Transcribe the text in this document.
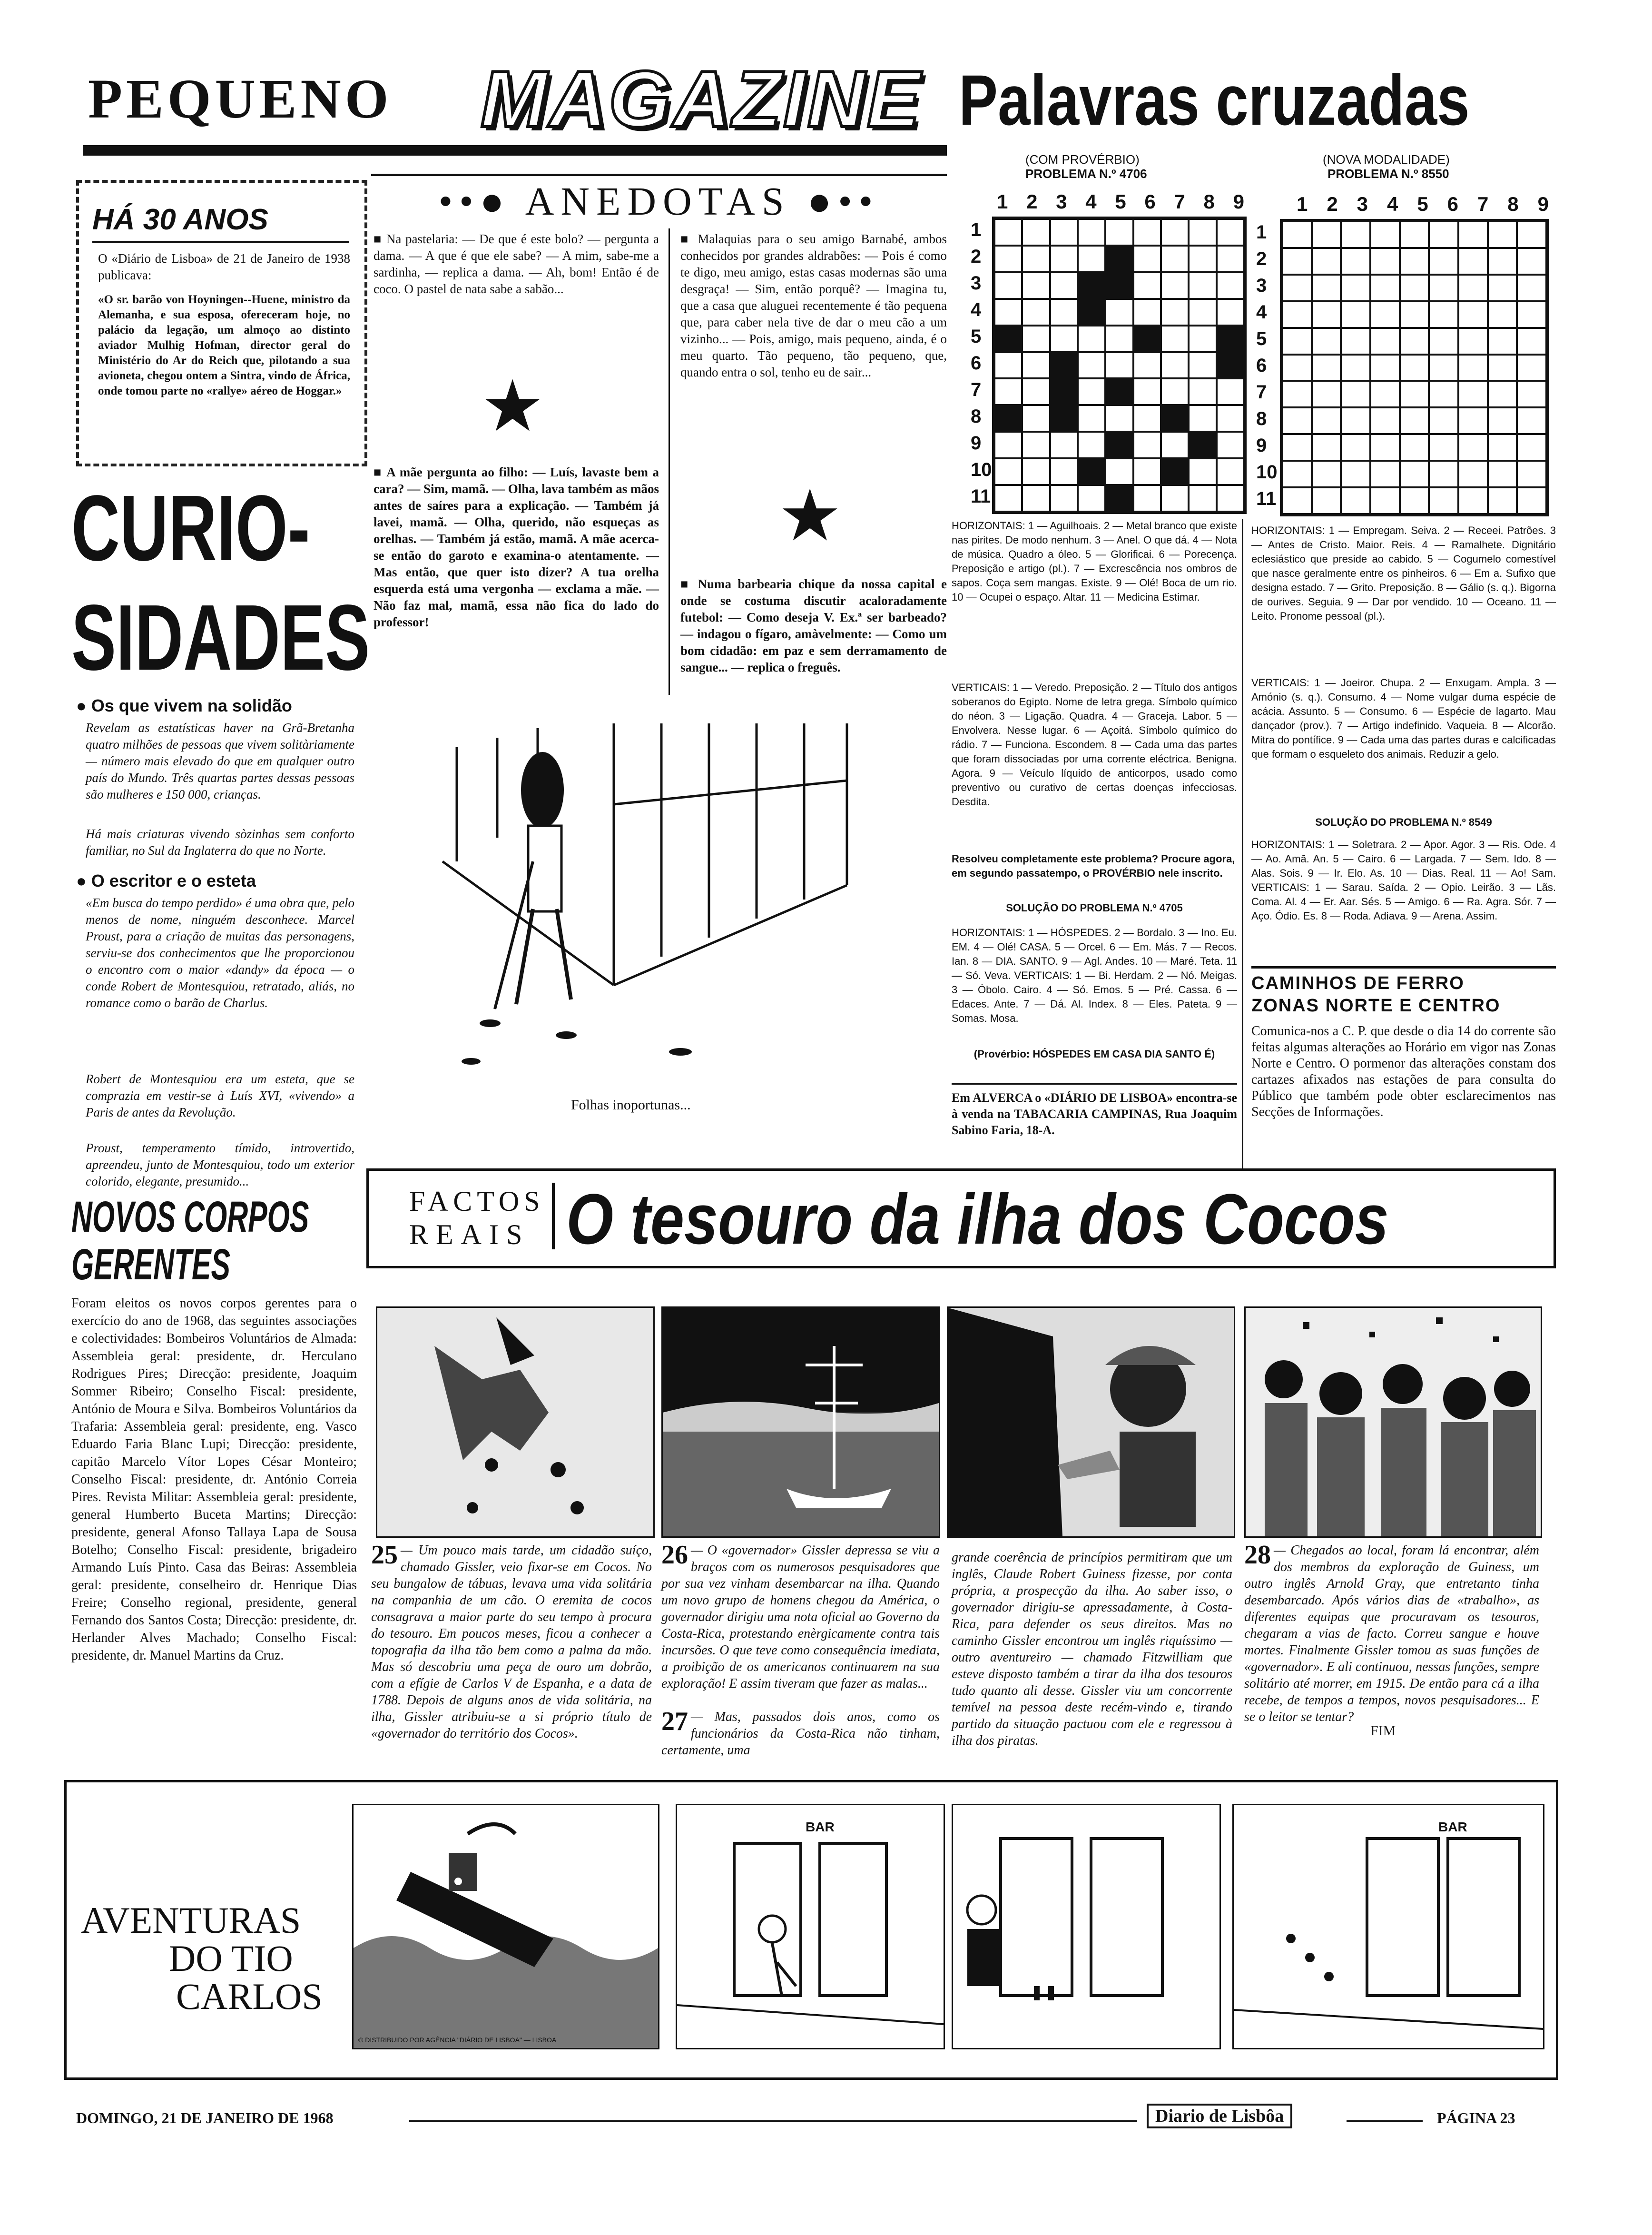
PEQUENO MAGAZINE Palavras cruzadas
HÁ 30 ANOS

O «Diário de Lisboa» de 21 de Janeiro de 1938 publicava:

«O sr. barão von Hoyningen--Huene, ministro da Alemanha, e sua esposa, ofereceram hoje, no palácio da legação, um almoço ao distinto aviador Mulhig Hofman, director geral do Ministério do Ar do Reich que, pilotando a sua avioneta, chegou ontem a Sintra, vindo de África, onde tomou parte no «rallye» aéreo de Hoggar.»

CURIO-
SIDADES
● Os que vivem na solidão

Revelam as estatísticas haver na Grã-Bretanha quatro milhões de pessoas que vivem solitàriamente — número mais elevado do que em qualquer outro país do Mundo. Três quartas partes dessas pessoas são mulheres e 150 000, crianças.

Há mais criaturas vivendo sòzinhas sem conforto familiar, no Sul da Inglaterra do que no Norte.

● O escritor e o esteta

«Em busca do tempo perdido» é uma obra que, pelo menos de nome, ninguém desconhece. Marcel Proust, para a criação de muitas das personagens, serviu-se dos conhecimentos que lhe proporcionou o encontro com o maior «dandy» da época — o conde Robert de Montesquiou, retratado, aliás, no romance como o barão de Charlus.

Robert de Montesquiou era um esteta, que se comprazia em vestir-se à Luís XVI, «vivendo» a Paris de antes da Revolução.

Proust, temperamento tímido, introvertido, apreendeu, junto de Montesquiou, todo um exterior colorido, elegante, presumido...

••● ANEDOTAS ●••

■ Na pastelaria: — De que é este bolo? — pergunta a dama. — A que é que ele sabe? — A mim, sabe-me a sardinha, — replica a dama. — Ah, bom! Então é de coco. O pastel de nata sabe a sabão...

★

■ A mãe pergunta ao filho: — Luís, lavaste bem a cara? — Sim, mamã. — Olha, lava também as mãos antes de saíres para a explicação. — Também já lavei, mamã. — Olha, querido, não esqueças as orelhas. — Também já estão, mamã. A mãe acerca-se então do garoto e examina-o atentamente. — Mas então, que quer isto dizer? A tua orelha esquerda está uma vergonha — exclama a mãe. — Não faz mal, mamã, essa não fica do lado do professor!

■ Malaquias para o seu amigo Barnabé, ambos conhecidos por grandes aldrabões: — Pois é como te digo, meu amigo, estas casas modernas são uma desgraça! — Sim, então porquê? — Imagina tu, que a casa que aluguei recentemente é tão pequena que, para caber nela tive de dar o meu cão a um vizinho... — Pois, amigo, mais pequeno, ainda, é o meu quarto. Tão pequeno, tão pequeno, que, quando entra o sol, tenho eu de sair...

★

■ Numa barbearia chique da nossa capital e onde se costuma discutir acaloradamente futebol: — Como deseja V. Ex.ª ser barbeado? — indagou o fígaro, amàvelmente: — Como um bom cidadão: em paz e sem derramamento de sangue... — replica o freguês.

Folhas inoportunas...
(COM PROVÉRBIO)
PROBLEMA N.º 4706
1 2 3 4 5 6 7 8 9
1
2
3
4
5
6
7
8
9
10
11

HORIZONTAIS: 1 — Aguilhoais. 2 — Metal branco que existe nas pirites. De modo nenhum. 3 — Anel. O que dá. 4 — Nota de música. Quadro a óleo. 5 — Glorificai. 6 — Porecença. Preposição e artigo (pl.). 7 — Excrescência nos ombros de sapos. Coça sem mangas. Existe. 9 — Olé! Boca de um rio. 10 — Ocupei o espaço. Altar. 11 — Medicina Estimar.

VERTICAIS: 1 — Veredo. Preposição. 2 — Título dos antigos soberanos do Egipto. Nome de letra grega. Símbolo químico do néon. 3 — Ligação. Quadra. 4 — Graceja. Labor. 5 — Envolvera. Nesse lugar. 6 — Açoitá. Símbolo químico do rádio. 7 — Funciona. Escondem. 8 — Cada uma das partes que foram dissociadas por uma corrente eléctrica. Benigna. Agora. 9 — Veículo líquido de anticorpos, usado como preventivo ou curativo de certas doenças infecciosas. Desdita.

Resolveu completamente este problema? Procure agora, em segundo passatempo, o PROVÉRBIO nele inscrito.

SOLUÇÃO DO PROBLEMA N.º 4705

HORIZONTAIS: 1 — HÓSPEDES. 2 — Bordalo. 3 — Ino. Eu. EM. 4 — Olé! CASA. 5 — Orcel. 6 — Em. Más. 7 — Recos. Ian. 8 — DIA. SANTO. 9 — Agl. Andes. 10 — Maré. Teta. 11 — Só. Veva. VERTICAIS: 1 — Bi. Herdam. 2 — Nó. Meigas. 3 — Óbolo. Cairo. 4 — Só. Emos. 5 — Pré. Cassa. 6 — Edaces. Ante. 7 — Dá. Al. Index. 8 — Eles. Pateta. 9 — Somas. Mosa.

(Provérbio: HÓSPEDES EM CASA DIA SANTO É)

Em ALVERCA o «DIÁRIO DE LISBOA» encontra-se à venda na TABACARIA CAMPINAS, Rua Joaquim Sabino Faria, 18-A.

(NOVA MODALIDADE)
PROBLEMA N.º 8550
1 2 3 4 5 6 7 8 9
1
2
3
4
5
6
7
8
9
10
11

HORIZONTAIS: 1 — Empregam. Seiva. 2 — Receei. Patrões. 3 — Antes de Cristo. Maior. Reis. 4 — Ramalhete. Dignitário eclesiástico que preside ao cabido. 5 — Cogumelo comestível que nasce geralmente entre os pinheiros. 6 — Em a. Sufixo que designa estado. 7 — Grito. Preposição. 8 — Gálio (s. q.). Bigorna de ourives. Seguia. 9 — Dar por vendido. 10 — Oceano. 11 — Leito. Pronome pessoal (pl.).

VERTICAIS: 1 — Joeiror. Chupa. 2 — Enxugam. Ampla. 3 — Amónio (s. q.). Consumo. 4 — Nome vulgar duma espécie de acácia. Assunto. 5 — Consumo. 6 — Espécie de lagarto. Mau dançador (prov.). 7 — Artigo indefinido. Vaqueia. 8 — Alcorão. Mitra do pontífice. 9 — Cada uma das partes duras e calcificadas que formam o esqueleto dos animais. Reduzir a gelo.

SOLUÇÃO DO PROBLEMA N.º 8549

HORIZONTAIS: 1 — Soletrara. 2 — Apor. Agor. 3 — Ris. Ode. 4 — Ao. Amã. An. 5 — Cairo. 6 — Largada. 7 — Sem. Ido. 8 — Alas. Sois. 9 — Ir. Elo. As. 10 — Dias. Real. 11 — Ao! Sam. VERTICAIS: 1 — Sarau. Saída. 2 — Opio. Leirão. 3 — Lãs. Coma. Al. 4 — Er. Aar. Sés. 5 — Amigo. 6 — Ra. Agra. Sór. 7 — Aço. Ódio. Es. 8 — Roda. Adiava. 9 — Arena. Assim.

CAMINHOS DE FERRO
ZONAS NORTE E CENTRO

Comunica-nos a C. P. que desde o dia 14 do corrente são feitas algumas alterações ao Horário em vigor nas Zonas Norte e Centro. O pormenor das alterações constam dos cartazes afixados nas estações de para consulta do Público que também pode obter esclarecimentos nas Secções de Informações.

NOVOS CORPOS
GERENTES

Foram eleitos os novos corpos gerentes para o exercício do ano de 1968, das seguintes associações e colectividades: Bombeiros Voluntários de Almada: Assembleia geral: presidente, dr. Herculano Rodrigues Pires; Direcção: presidente, Joaquim Sommer Ribeiro; Conselho Fiscal: presidente, António de Moura e Silva. Bombeiros Voluntários da Trafaria: Assembleia geral: presidente, eng. Vasco Eduardo Faria Blanc Lupi; Direcção: presidente, capitão Marcelo Vítor Lopes César Monteiro; Conselho Fiscal: presidente, dr. António Correia Pires. Revista Militar: Assembleia geral: presidente, general Humberto Buceta Martins; Direcção: presidente, general Afonso Tallaya Lapa de Sousa Botelho; Conselho Fiscal: presidente, brigadeiro Armando Luís Pinto. Casa das Beiras: Assembleia geral: presidente, conselheiro dr. Henrique Dias Freire; Conselho regional, presidente, general Fernando dos Santos Costa; Direcção: presidente, dr. Herlander Alves Machado; Conselho Fiscal: presidente, dr. Manuel Martins da Cruz.

FACTOS
REAIS O tesouro da ilha dos Cocos

25 — Um pouco mais tarde, um cidadão suíço, chamado Gissler, veio fixar-se em Cocos. No seu bungalow de tábuas, levava uma vida solitária na companhia de um cão. O eremita de cocos consagrava a maior parte do seu tempo à procura do tesouro. Em poucos meses, ficou a conhecer a topografia da ilha tão bem como a palma da mão. Mas só descobriu uma peça de ouro um dobrão, com a efígie de Carlos V de Espanha, e a data de 1788. Depois de alguns anos de vida solitária, na ilha, Gissler atribuiu-se a si próprio título de «governador do território dos Cocos».

26 — O «governador» Gissler depressa se viu a braços com os numerosos pesquisadores que por sua vez vinham desembarcar na ilha. Quando um novo grupo de homens chegou da América, o governador dirigiu uma nota oficial ao Governo da Costa-Rica, protestando enèrgicamente contra tais incursões. O que teve como consequência imediata, a proibição de os americanos continuarem na sua exploração! E assim tiveram que fazer as malas...

27 — Mas, passados dois anos, como os funcionários da Costa-Rica não tinham, certamente, uma

grande coerência de princípios permitiram que um inglês, Claude Robert Guiness fizesse, por conta própria, a prospecção da ilha. Ao saber isso, o governador dirigiu-se apressadamente, à Costa-Rica, para defender os seus direitos. Mas no caminho Gissler encontrou um inglês riquíssimo — outro aventureiro — chamado Fitzwilliam que esteve disposto também a tirar da ilha dos tesouros tudo quanto ali desse. Gissler viu um concorrente temível na pessoa deste recém-vindo e, tirando partido da situação pactuou com ele e regressou à ilha dos piratas.

28 — Chegados ao local, foram lá encontrar, além dos membros da exploração de Guiness, um outro inglês Arnold Gray, que entretanto tinha desembarcado. Após vários dias de «trabalho», as diferentes equipas que procuravam os tesouros, chegaram a vias de facto. Correu sangue e houve mortes. Finalmente Gissler tomou as suas funções de «governador». E ali continuou, nessas funções, sempre solitário até morrer, em 1915. De então para cá a ilha recebe, de tempos a tempos, novos pesquisadores... E se o leitor se tentar?

FIM
AVENTURAS
DO TIO
CARLOS
© DISTRIBUIDO POR AGÊNCIA "DIÁRIO DE LISBOA" — LISBOA
BAR	BAR
DOMINGO, 21 DE JANEIRO DE 1968	Diario de Lisbôa	PÁGINA 23
